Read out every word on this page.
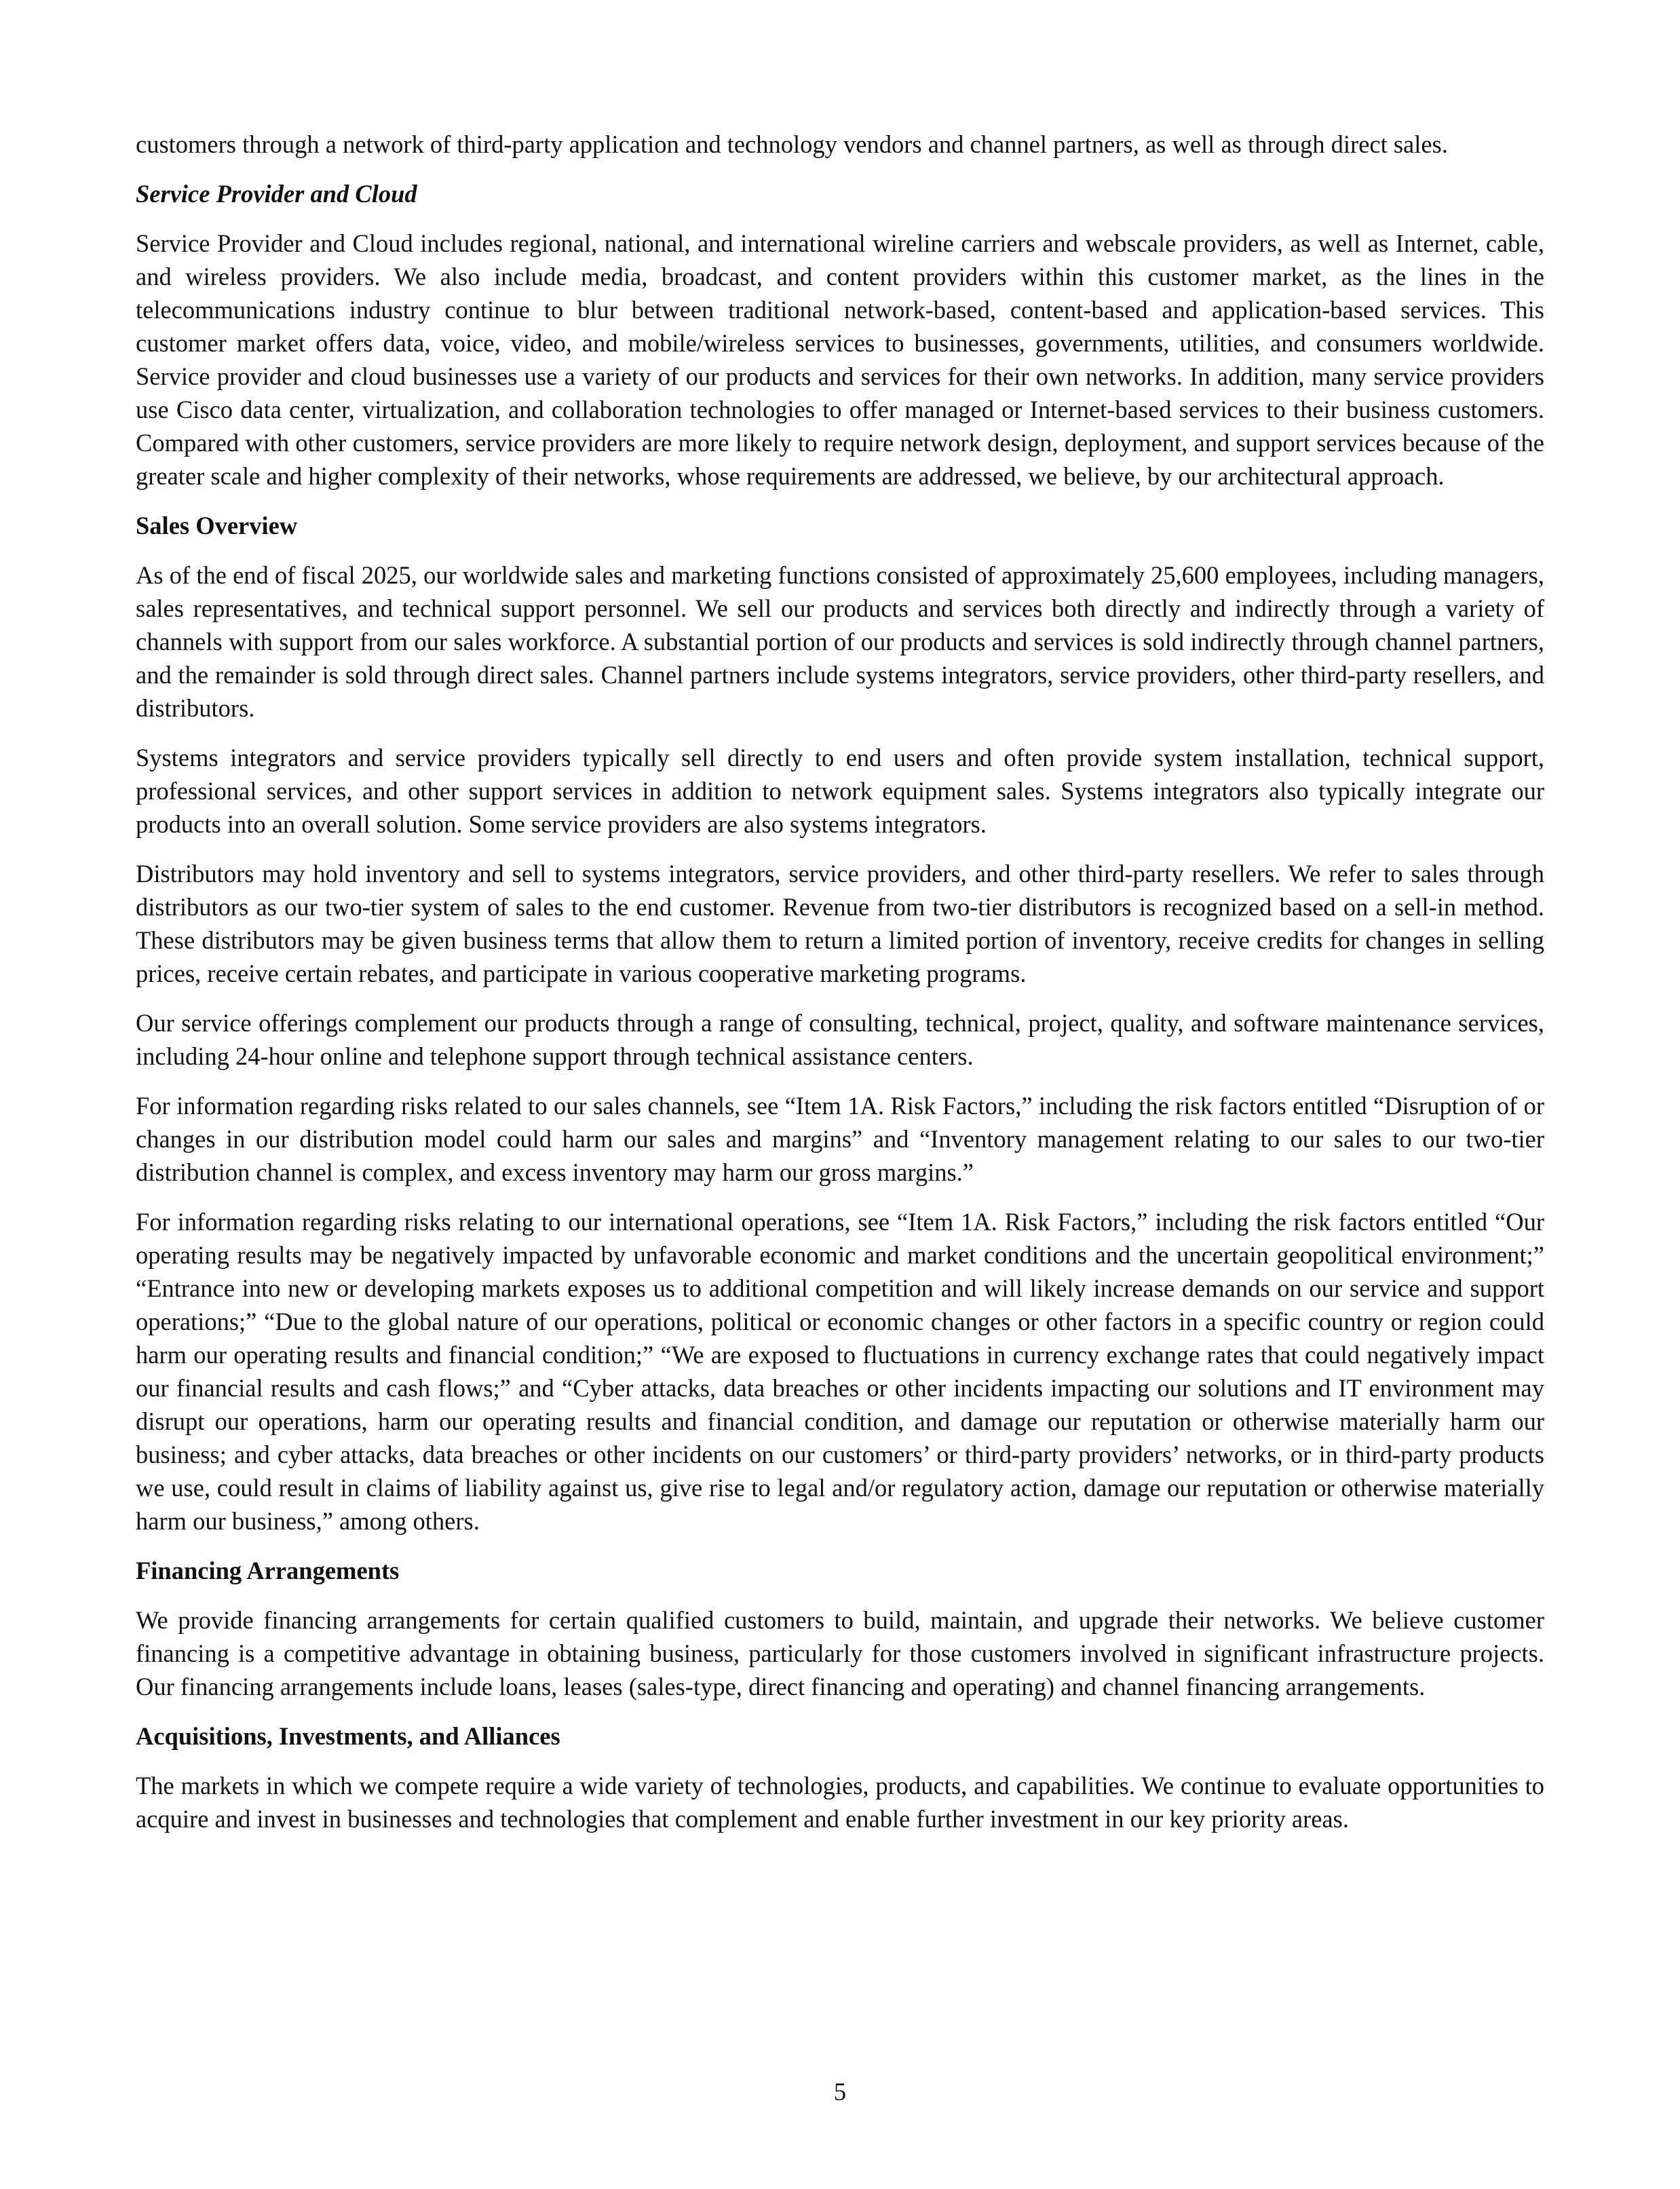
customers through a network of third-party application and technology vendors and channel partners, as well as through direct sales.

Service Provider and Cloud

Service Provider and Cloud includes regional, national, and international wireline carriers and webscale providers, as well as Internet, cable, and wireless providers. We also include media, broadcast, and content providers within this customer market, as the lines in the telecommunications industry continue to blur between traditional network-based, content-based and application-based services. This customer market offers data, voice, video, and mobile/wireless services to businesses, governments, utilities, and consumers worldwide. Service provider and cloud businesses use a variety of our products and services for their own networks. In addition, many service providers use Cisco data center, virtualization, and collaboration technologies to offer managed or Internet-based services to their business customers. Compared with other customers, service providers are more likely to require network design, deployment, and support services because of the greater scale and higher complexity of their networks, whose requirements are addressed, we believe, by our architectural approach.

Sales Overview

As of the end of fiscal 2025, our worldwide sales and marketing functions consisted of approximately 25,600 employees, including managers, sales representatives, and technical support personnel. We sell our products and services both directly and indirectly through a variety of channels with support from our sales workforce. A substantial portion of our products and services is sold indirectly through channel partners, and the remainder is sold through direct sales. Channel partners include systems integrators, service providers, other third-party resellers, and distributors.

Systems integrators and service providers typically sell directly to end users and often provide system installation, technical support, professional services, and other support services in addition to network equipment sales. Systems integrators also typically integrate our products into an overall solution. Some service providers are also systems integrators.

Distributors may hold inventory and sell to systems integrators, service providers, and other third-party resellers. We refer to sales through distributors as our two-tier system of sales to the end customer. Revenue from two-tier distributors is recognized based on a sell-in method. These distributors may be given business terms that allow them to return a limited portion of inventory, receive credits for changes in selling prices, receive certain rebates, and participate in various cooperative marketing programs.

Our service offerings complement our products through a range of consulting, technical, project, quality, and software maintenance services, including 24-hour online and telephone support through technical assistance centers.

For information regarding risks related to our sales channels, see “Item 1A. Risk Factors,” including the risk factors entitled “Disruption of or changes in our distribution model could harm our sales and margins” and “Inventory management relating to our sales to our two-tier distribution channel is complex, and excess inventory may harm our gross margins.”

For information regarding risks relating to our international operations, see “Item 1A. Risk Factors,” including the risk factors entitled “Our operating results may be negatively impacted by unfavorable economic and market conditions and the uncertain geopolitical environment;” “Entrance into new or developing markets exposes us to additional competition and will likely increase demands on our service and support operations;” “Due to the global nature of our operations, political or economic changes or other factors in a specific country or region could harm our operating results and financial condition;” “We are exposed to fluctuations in currency exchange rates that could negatively impact our financial results and cash flows;” and “Cyber attacks, data breaches or other incidents impacting our solutions and IT environment may disrupt our operations, harm our operating results and financial condition, and damage our reputation or otherwise materially harm our business; and cyber attacks, data breaches or other incidents on our customers’ or third-party providers’ networks, or in third-party products we use, could result in claims of liability against us, give rise to legal and/or regulatory action, damage our reputation or otherwise materially harm our business,” among others.

Financing Arrangements

We provide financing arrangements for certain qualified customers to build, maintain, and upgrade their networks. We believe customer financing is a competitive advantage in obtaining business, particularly for those customers involved in significant infrastructure projects. Our financing arrangements include loans, leases (sales-type, direct financing and operating) and channel financing arrangements.

Acquisitions, Investments, and Alliances

The markets in which we compete require a wide variety of technologies, products, and capabilities. We continue to evaluate opportunities to acquire and invest in businesses and technologies that complement and enable further investment in our key priority areas.

5
